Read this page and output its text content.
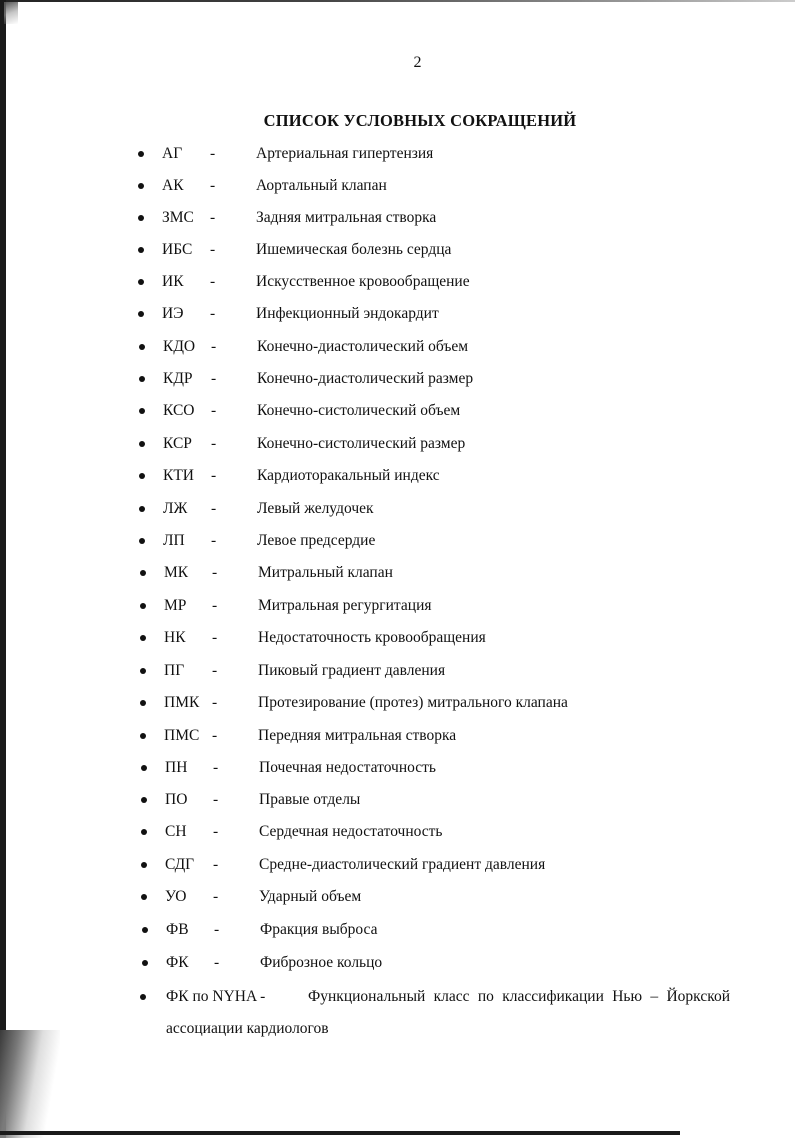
2
СПИСОК УСЛОВНЫХ СОКРАЩЕНИЙ
АГ -	Артериальная гипертензия
АК -	Аортальный клапан
ЗМС -	Задняя митральная створка
ИБС -	Ишемическая болезнь сердца
ИК -	Искусственное кровообращение
ИЭ -	Инфекционный эндокардит
КДО -	Конечно-диастолический объем
КДР -	Конечно-диастолический размер
КСО -	Конечно-систолический объем
КСР -	Конечно-систолический размер
КТИ -	Кардиоторакальный индекс
ЛЖ -	Левый желудочек
ЛП -	Левое предсердие
МК -	Митральный клапан
МР -	Митральная регургитация
НК -	Недостаточность кровообращения
ПГ -	Пиковый градиент давления
ПМК -	Протезирование (протез) митрального клапана
ПМС -	Передняя митральная створка
ПН -	Почечная недостаточность
ПО -	Правые отделы
СН -	Сердечная недостаточность
СДГ -	Средне-диастолический градиент давления
УО -	Ударный объем
ФВ -	Фракция выброса
ФК -	Фиброзное кольцо
ФК по NYHA -	Функциональный класс по классификации Нью – Йоркской
ассоциации кардиологов
